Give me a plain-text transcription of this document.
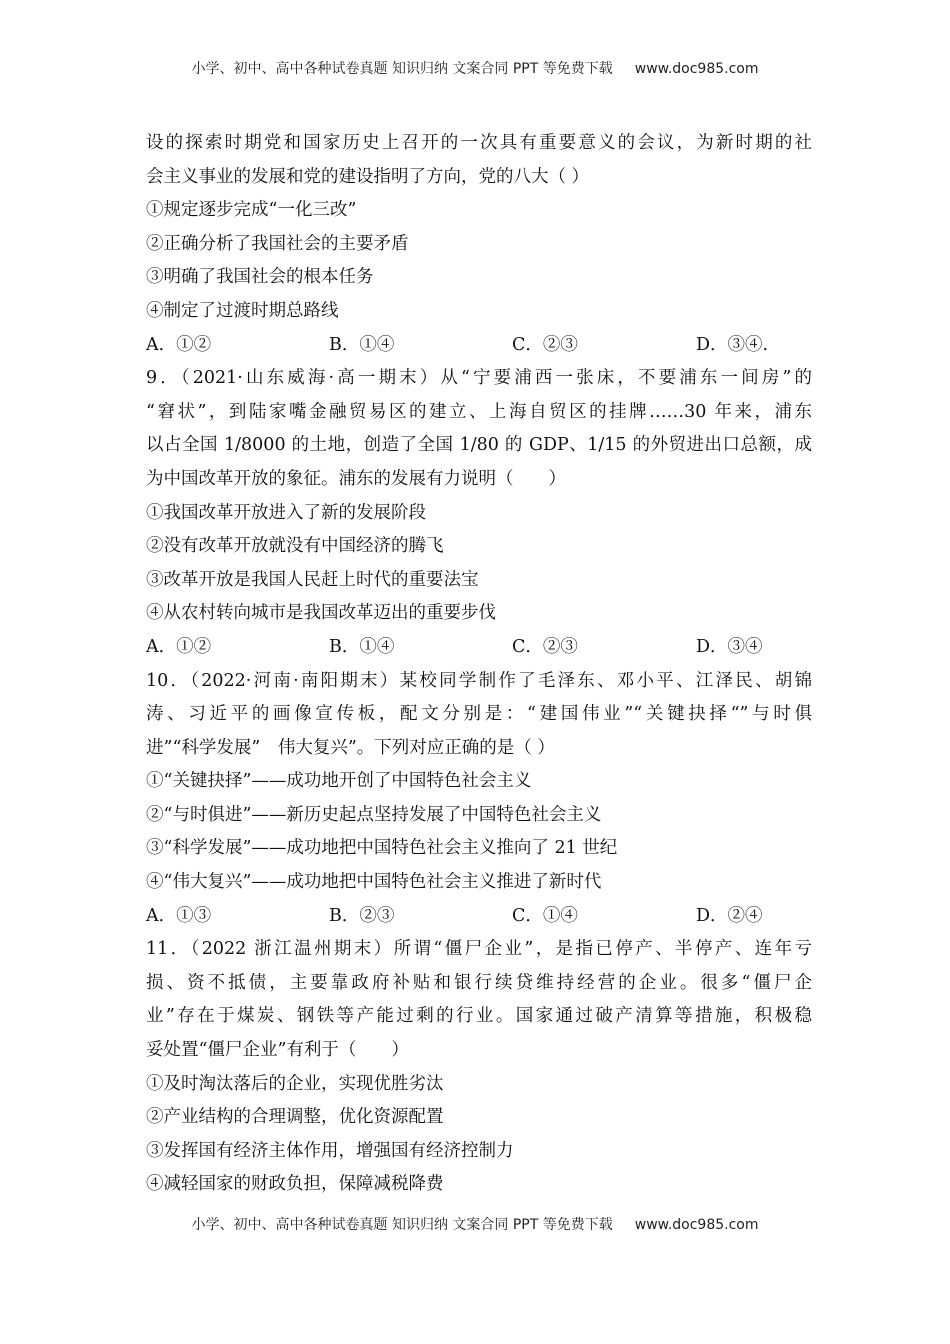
小学、初中、高中各种试卷真题 知识归纳 文案合同 PPT 等免费下载 www.doc985.com
设的探索时期党和国家历史上召开的一次具有重要意义的会议，为新时期的社
会主义事业的发展和党的建设指明了方向，党的八大（ ）
①规定逐步完成“一化三改”
②正确分析了我国社会的主要矛盾
③明确了我国社会的根本任务
④制定了过渡时期总路线
A．①②	B．①④	C．②③	D．③④.
9．（2021·山东威海·高一期末）从“宁要浦西一张床，不要浦东一间房”的
“窘状”，到陆家嘴金融贸易区的建立、上海自贸区的挂牌……30 年来，浦东
以占全国 1/8000 的土地，创造了全国 1/80 的 GDP、1/15 的外贸进出口总额，成
为中国改革开放的象征。浦东的发展有力说明（　　）
①我国改革开放进入了新的发展阶段
②没有改革开放就没有中国经济的腾飞
③改革开放是我国人民赶上时代的重要法宝
④从农村转向城市是我国改革迈出的重要步伐
A．①②	B．①④	C．②③	D．③④
10．（2022·河南·南阳期末）某校同学制作了毛泽东、邓小平、江泽民、胡锦
涛、习近平的画像宣传板，配文分别是：“建国伟业”“关键抉择“”与时俱
进”“科学发展”　伟大复兴”。下列对应正确的是（ ）
①“关键抉择”——成功地开创了中国特色社会主义
②“与时俱进”——新历史起点坚持发展了中国特色社会主义
③“科学发展”——成功地把中国特色社会主义推向了 21 世纪
④“伟大复兴”——成功地把中国特色社会主义推进了新时代
A．①③	B．②③	C．①④	D．②④
11．（2022 浙江温州期末）所谓“僵尸企业”，是指已停产、半停产、连年亏
损、资不抵债，主要靠政府补贴和银行续贷维持经营的企业。很多“僵尸企
业”存在于煤炭、钢铁等产能过剩的行业。国家通过破产清算等措施，积极稳
妥处置“僵尸企业”有利于（　　）
①及时淘汰落后的企业，实现优胜劣汰
②产业结构的合理调整，优化资源配置
③发挥国有经济主体作用，增强国有经济控制力
④减轻国家的财政负担，保障减税降费
小学、初中、高中各种试卷真题 知识归纳 文案合同 PPT 等免费下载 www.doc985.com
